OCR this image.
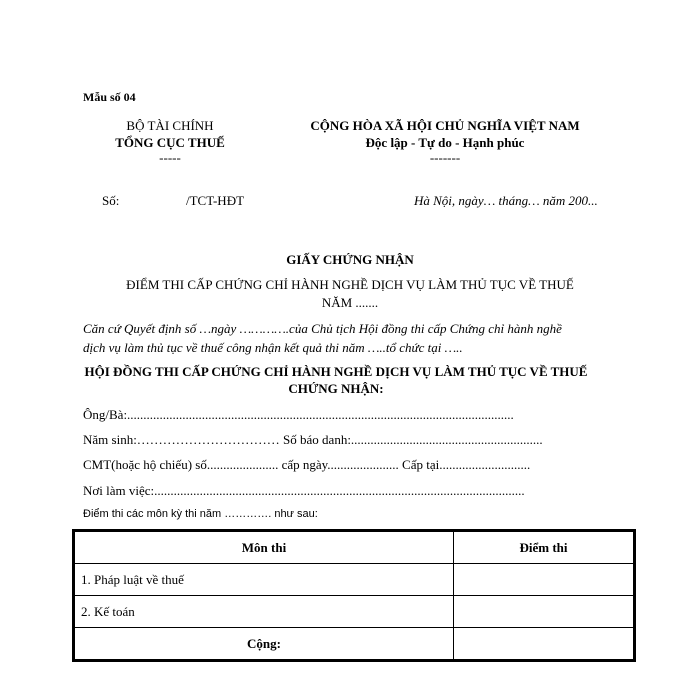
Mẫu số 04
BỘ TÀI CHÍNH
TỔNG CỤC THUẾ
-----
CỘNG HÒA XÃ HỘI CHỦ NGHĨA VIỆT NAM
Độc lập - Tự do - Hạnh phúc
-------
Số:	/TCT-HĐT	Hà Nội, ngày… tháng… năm 200...
GIẤY CHỨNG NHẬN
ĐIỂM THI CẤP CHỨNG CHỈ HÀNH NGHỀ DỊCH VỤ LÀM THỦ TỤC VỀ THUẾ
NĂM .......
Căn cứ Quyết định số …ngày ………….của Chủ tịch Hội đồng thi cấp Chứng chỉ hành nghề
dịch vụ làm thủ tục về thuế công nhận kết quả thi năm …..tổ chức tại …..
HỘI ĐỒNG THI CẤP CHỨNG CHỈ HÀNH NGHỀ DỊCH VỤ LÀM THỦ TỤC VỀ THUẾ
CHỨNG NHẬN:
Ông/Bà:.......................................................................................................................
Năm sinh:…………………………… Số báo danh:...........................................................
CMT(hoặc hộ chiếu) số...................... cấp ngày...................... Cấp tại............................
Nơi làm việc:..................................................................................................................
Điểm thi các môn kỳ thi năm …………. như sau:
Môn thi	Điểm thi
1. Pháp luật về thuế	
2. Kế toán	
Cộng:	
